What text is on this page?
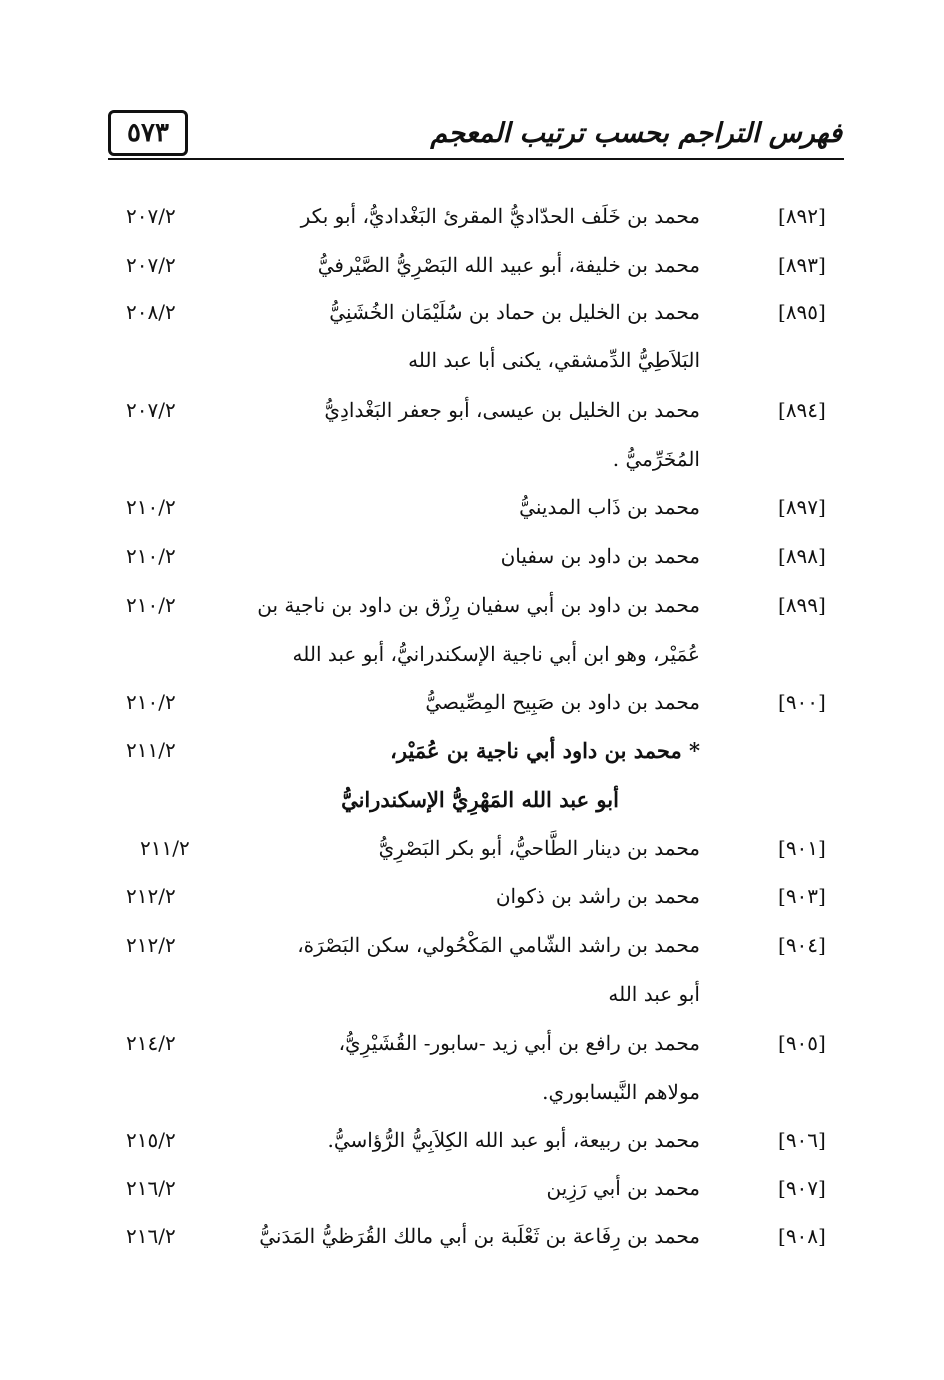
٥٧٣	فهرس التراجم بحسب ترتيب المعجم
[٨٩٢]
محمد بن خَلَف الحدّاديُّ المقرئ البَغْداديُّ، أبو بكر
٢٠٧/٢
[٨٩٣]
محمد بن خليفة، أبو عبيد الله البَصْرِيُّ الصَّيْرفيُّ
٢٠٧/٢
[٨٩٥]
محمد بن الخليل بن حماد بن سُلَيْمَان الخُشَنِيُّ
٢٠٨/٢
البَلاَطِيُّ الدِّمشقي، يكنى أبا عبد الله
[٨٩٤]
محمد بن الخليل بن عيسى، أبو جعفر البَغْدادِيُّ
٢٠٧/٢
المُخَرِّميُّ .
[٨٩٧]
محمد بن ذَاب المدينيُّ
٢١٠/٢
[٨٩٨]
محمد بن داود بن سفيان
٢١٠/٢
[٨٩٩]
محمد بن داود بن أبي سفيان رِزْق بن داود بن ناجية بن
٢١٠/٢
عُمَيْر، وهو ابن أبي ناجية الإسكندرانيُّ، أبو عبد الله
[٩٠٠]
محمد بن داود بن صَبِيح المِصِّيصيُّ
٢١٠/٢
* محمد بن داود أبي ناجية بن عُمَيْر،
٢١١/٢
أبو عبد الله المَهْرِيُّ الإسكندرانيُّ
[٩٠١]
محمد بن دينار الطَّاحيُّ، أبو بكر البَصْرِيُّ
٢١١/٢
[٩٠٣]
محمد بن راشد بن ذكوان
٢١٢/٢
[٩٠٤]
محمد بن راشد الشّامي المَكْحُولي، سكن البَصْرَة،
٢١٢/٢
أبو عبد الله
[٩٠٥]
محمد بن رافع بن أبي زيد -سابور- القُشَيْرِيُّ،
٢١٤/٢
مولاهم النَّيسابوري.
[٩٠٦]
محمد بن ربيعة، أبو عبد الله الكِلاَبِيُّ الرُّؤاسيُّ.
٢١٥/٢
[٩٠٧]
محمد بن أبي رَزِين
٢١٦/٢
[٩٠٨]
محمد بن رِفَاعة بن ثَعْلَبة بن أبي مالك القُرَظيُّ المَدَنيُّ
٢١٦/٢
